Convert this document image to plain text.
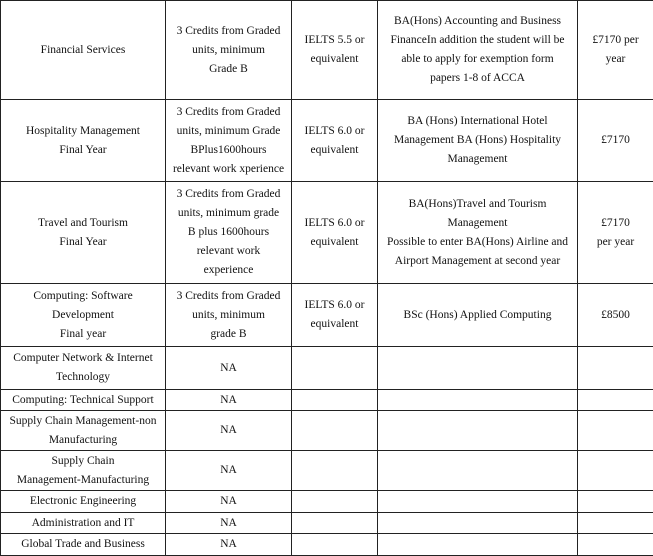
Financial Services	3 Credits from Graded
units, minimum
Grade B	IELTS 5.5 or
equivalent	BA(Hons) Accounting and Business
FinanceIn addition the student will be
able to apply for exemption form
papers 1-8 of ACCA	£7170 per
year

Hospitality Management
Final Year	3 Credits from Graded
units, minimum Grade
BPlus1600hours
relevant work xperience	IELTS 6.0 or
equivalent	BA (Hons) International Hotel
Management BA (Hons) Hospitality
Management	£7170

Travel and Tourism
Final Year	3 Credits from Graded
units, minimum grade
B plus 1600hours
relevant work
experience	IELTS 6.0 or
equivalent	BA(Hons)Travel and Tourism
Management
Possible to enter BA(Hons) Airline and
Airport Management at second year	£7170
per year

Computing: Software
Development
Final year	3 Credits from Graded
units, minimum
grade B	IELTS 6.0 or
equivalent	BSc (Hons) Applied Computing	£8500

Computer Network & Internet
Technology	NA			

Computing: Technical Support	NA			

Supply Chain Management-non
Manufacturing	NA			

Supply Chain
Management-Manufacturing	NA			

Electronic Engineering	NA			

Administration and IT	NA			

Global Trade and Business	NA			
